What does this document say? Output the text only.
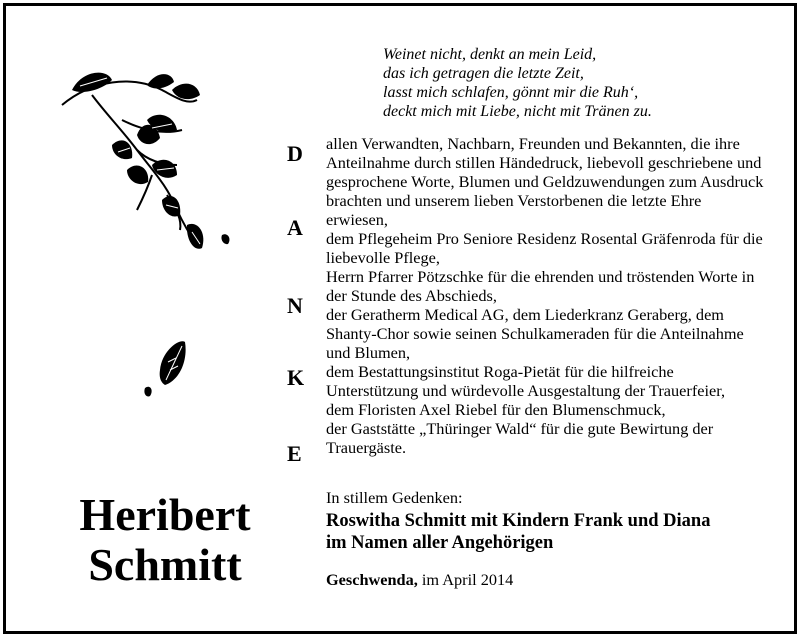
Weinet nicht, denkt an mein Leid,
das ich getragen die letzte Zeit,
lasst mich schlafen, gönnt mir die Ruh‘,
deckt mich mit Liebe, nicht mit Tränen zu.
D
A
N
K
E

allen Verwandten, Nachbarn, Freunden und Bekannten, die ihre Anteilnahme durch stillen Händedruck, liebevoll geschriebene und gesprochene Worte, Blumen und Geldzuwendungen zum Ausdruck brachten und unserem lieben Verstorbenen die letzte Ehre erwiesen,

dem Pflegeheim Pro Seniore Residenz Rosental Gräfenroda für die liebevolle Pflege,

Herrn Pfarrer Pötzschke für die ehrenden und tröstenden Worte in der Stunde des Abschieds,

der Geratherm Medical AG, dem Liederkranz Geraberg, dem Shanty-Chor sowie seinen Schulkameraden für die Anteilnahme und Blumen,

dem Bestattungsinstitut Roga-Pietät für die hilfreiche Unterstützung und würdevolle Ausgestaltung der Trauerfeier,

dem Floristen Axel Riebel für den Blumenschmuck,

der Gaststätte „Thüringer Wald“ für die gute Bewirtung der Trauergäste.

Heribert
Schmitt
In stillem Gedenken:
Roswitha Schmitt mit Kindern Frank und Diana
im Namen aller Angehörigen
Geschwenda, im April 2014
